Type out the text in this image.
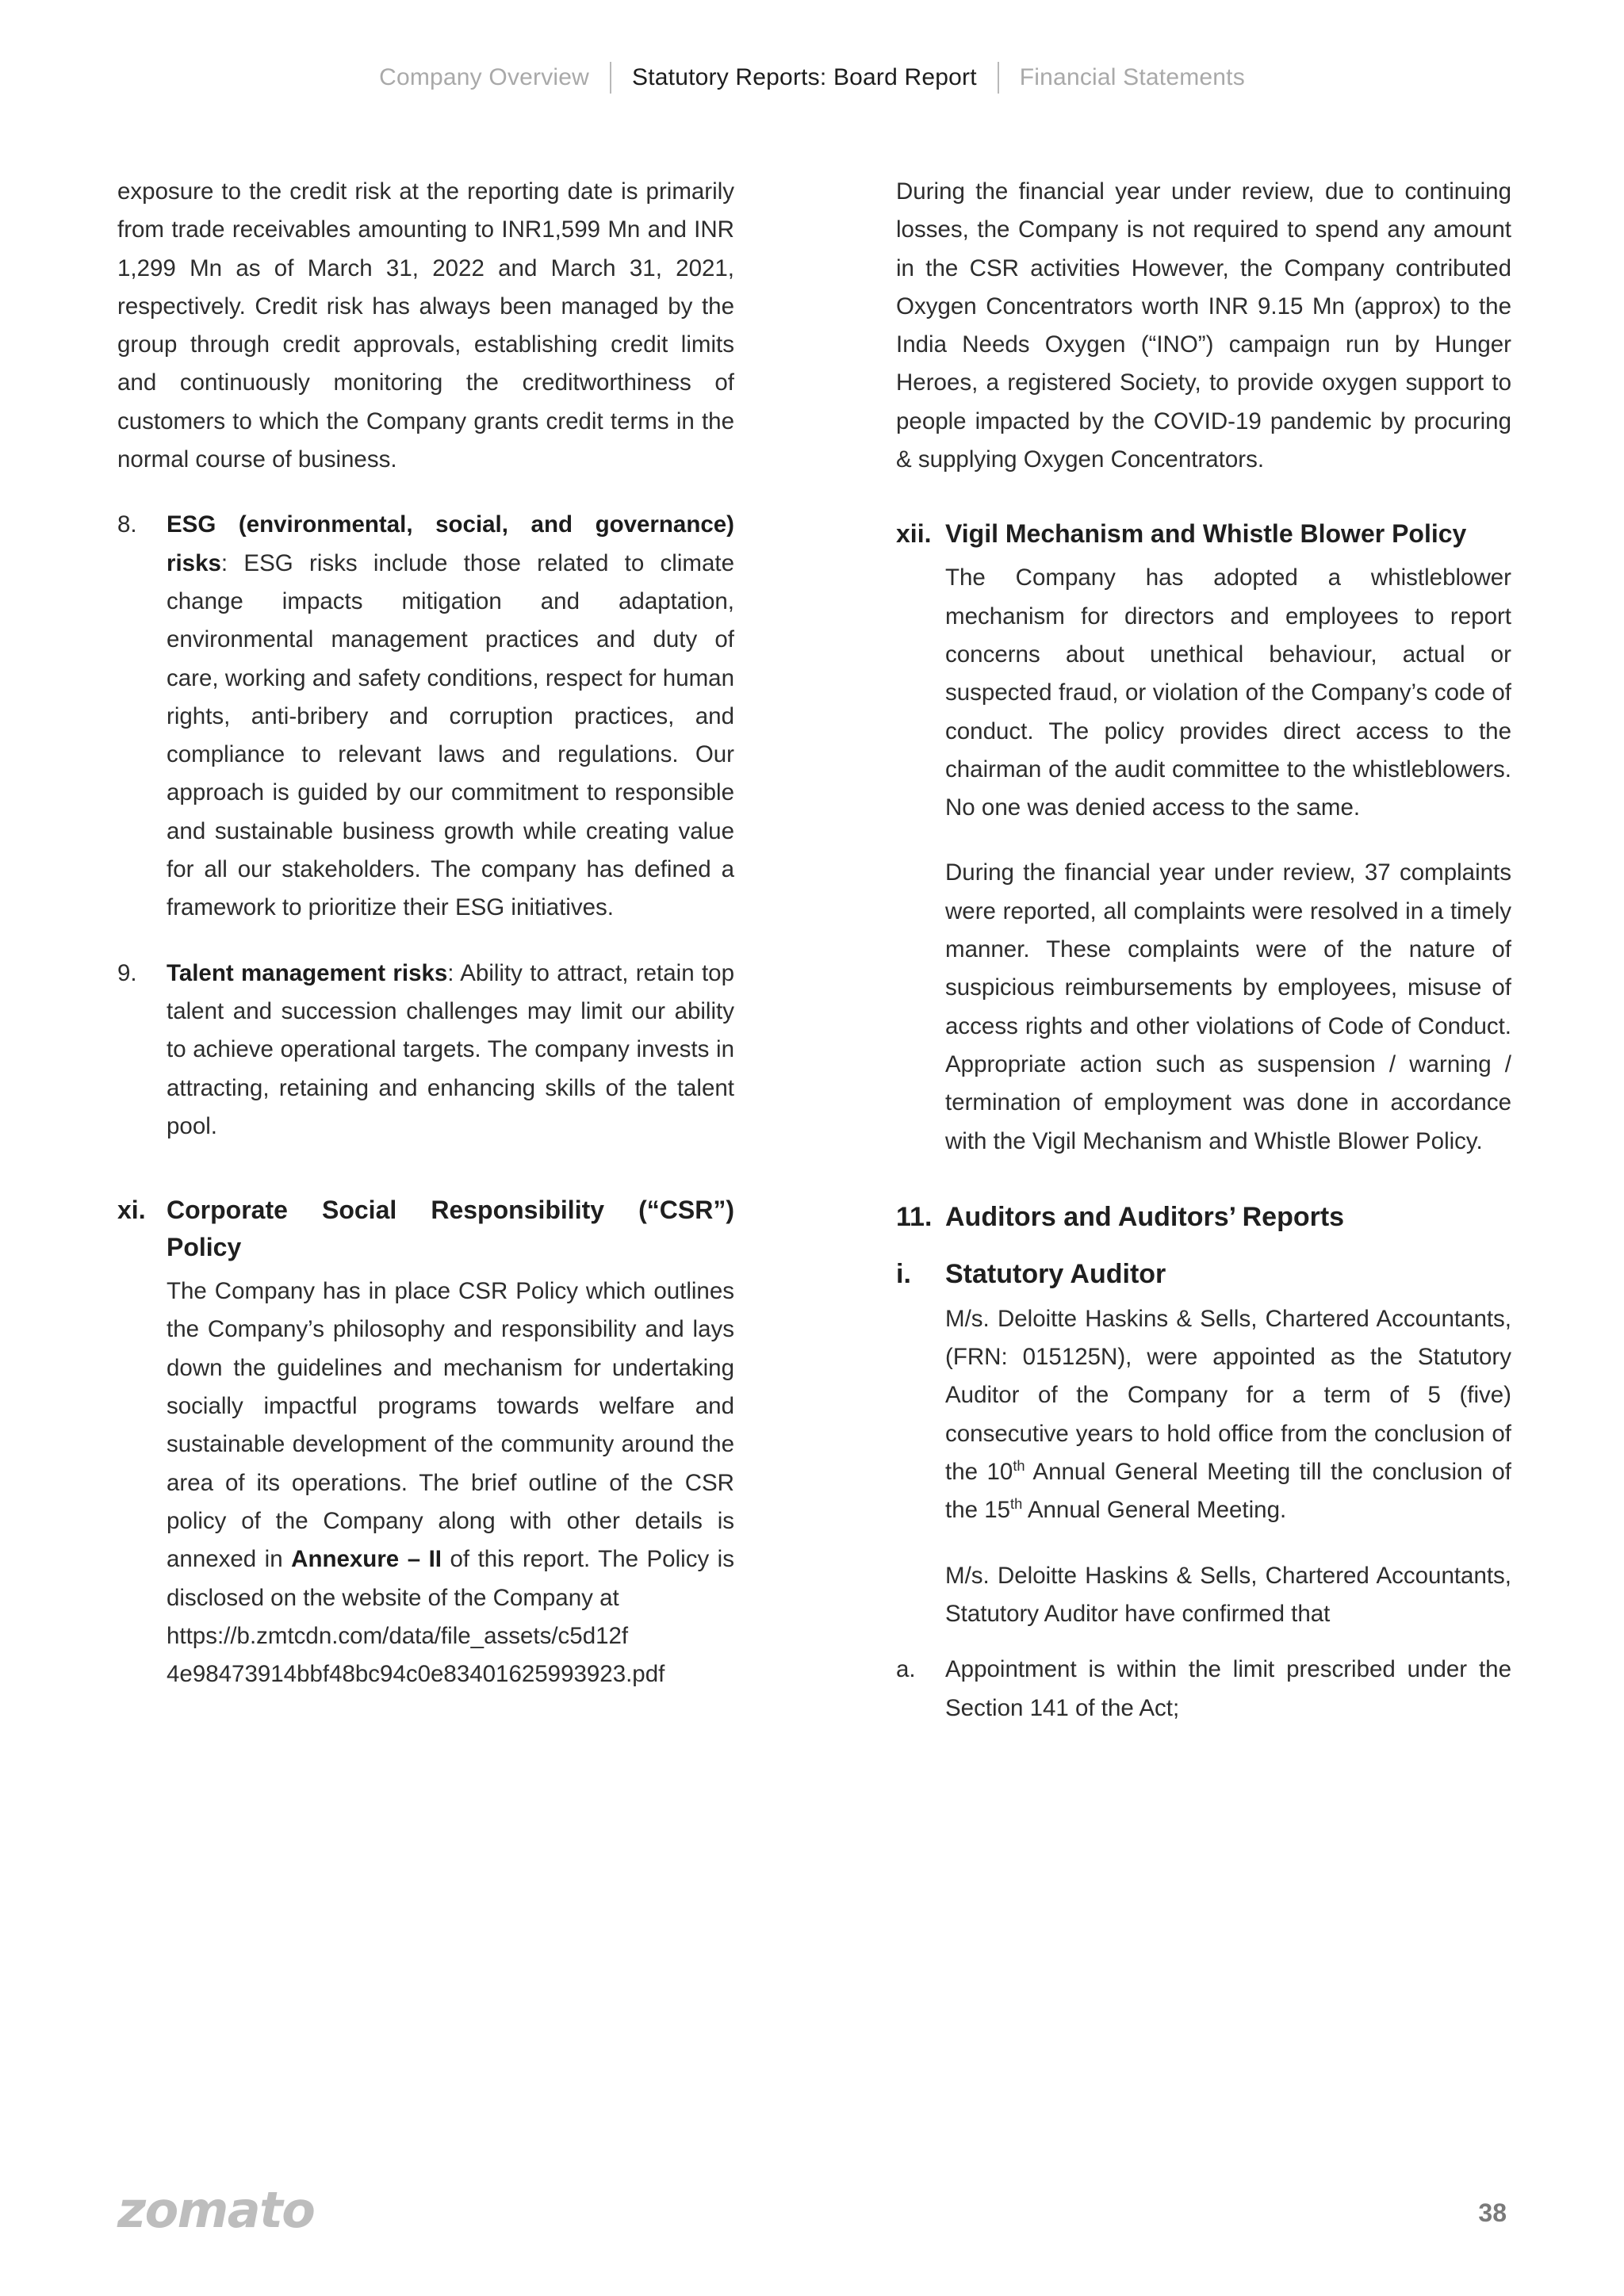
Company Overview	Statutory Reports: Board Report	Financial Statements

exposure to the credit risk at the reporting date is primarily from trade receivables amounting to INR1,599 Mn and INR 1,299 Mn as of March 31, 2022 and March 31, 2021, respectively. Credit risk has always been managed by the group through credit approvals, establishing credit limits and continuously monitoring the creditworthiness of customers to which the Company grants credit terms in the normal course of business.

8.	ESG (environmental, social, and governance) risks: ESG risks include those related to climate change impacts mitigation and adaptation, environmental management practices and duty of care, working and safety conditions, respect for human rights, anti-bribery and corruption practices, and compliance to relevant laws and regulations. Our approach is guided by our commitment to responsible and sustainable business growth while creating value for all our stakeholders. The company has defined a framework to prioritize their ESG initiatives.
9.	Talent management risks: Ability to attract, retain top talent and succession challenges may limit our ability to achieve operational targets. The company invests in attracting, retaining and enhancing skills of the talent pool.
xi. Corporate Social Responsibility (“CSR”) Policy

The Company has in place CSR Policy which outlines the Company’s philosophy and responsibility and lays down the guidelines and mechanism for undertaking socially impactful programs towards welfare and sustainable development of the community around the area of its operations. The brief outline of the CSR policy of the Company along with other details is annexed in Annexure – II of this report. The Policy is disclosed on the website of the Company at

https://b.zmtcdn.com/data/file_assets/c5d12f
4e98473914bbf48bc94c0e83401625993923.pdf

During the financial year under review, due to continuing losses, the Company is not required to spend any amount in the CSR activities However, the Company contributed Oxygen Concentrators worth INR 9.15 Mn (approx) to the India Needs Oxygen (“INO”) campaign run by Hunger Heroes, a registered Society, to provide oxygen support to people impacted by the COVID-19 pandemic by procuring & supplying Oxygen Concentrators.

xii. Vigil Mechanism and Whistle Blower Policy

The Company has adopted a whistleblower mechanism for directors and employees to report concerns about unethical behaviour, actual or suspected fraud, or violation of the Company’s code of conduct. The policy provides direct access to the chairman of the audit committee to the whistleblowers. No one was denied access to the same.

During the financial year under review, 37 complaints were reported, all complaints were resolved in a timely manner. These complaints were of the nature of suspicious reimbursements by employees, misuse of access rights and other violations of Code of Conduct. Appropriate action such as suspension / warning / termination of employment was done in accordance with the Vigil Mechanism and Whistle Blower Policy.

11. Auditors and Auditors’ Reports
i.	Statutory Auditor

M/s. Deloitte Haskins & Sells, Chartered Accountants, (FRN: 015125N), were appointed as the Statutory Auditor of the Company for a term of 5 (five) consecutive years to hold office from the conclusion of the 10th Annual General Meeting till the conclusion of the 15th Annual General Meeting.

M/s. Deloitte Haskins & Sells, Chartered Accountants, Statutory Auditor have confirmed that

a.	Appointment is within the limit prescribed under the Section 141 of the Act;
zomato	38
